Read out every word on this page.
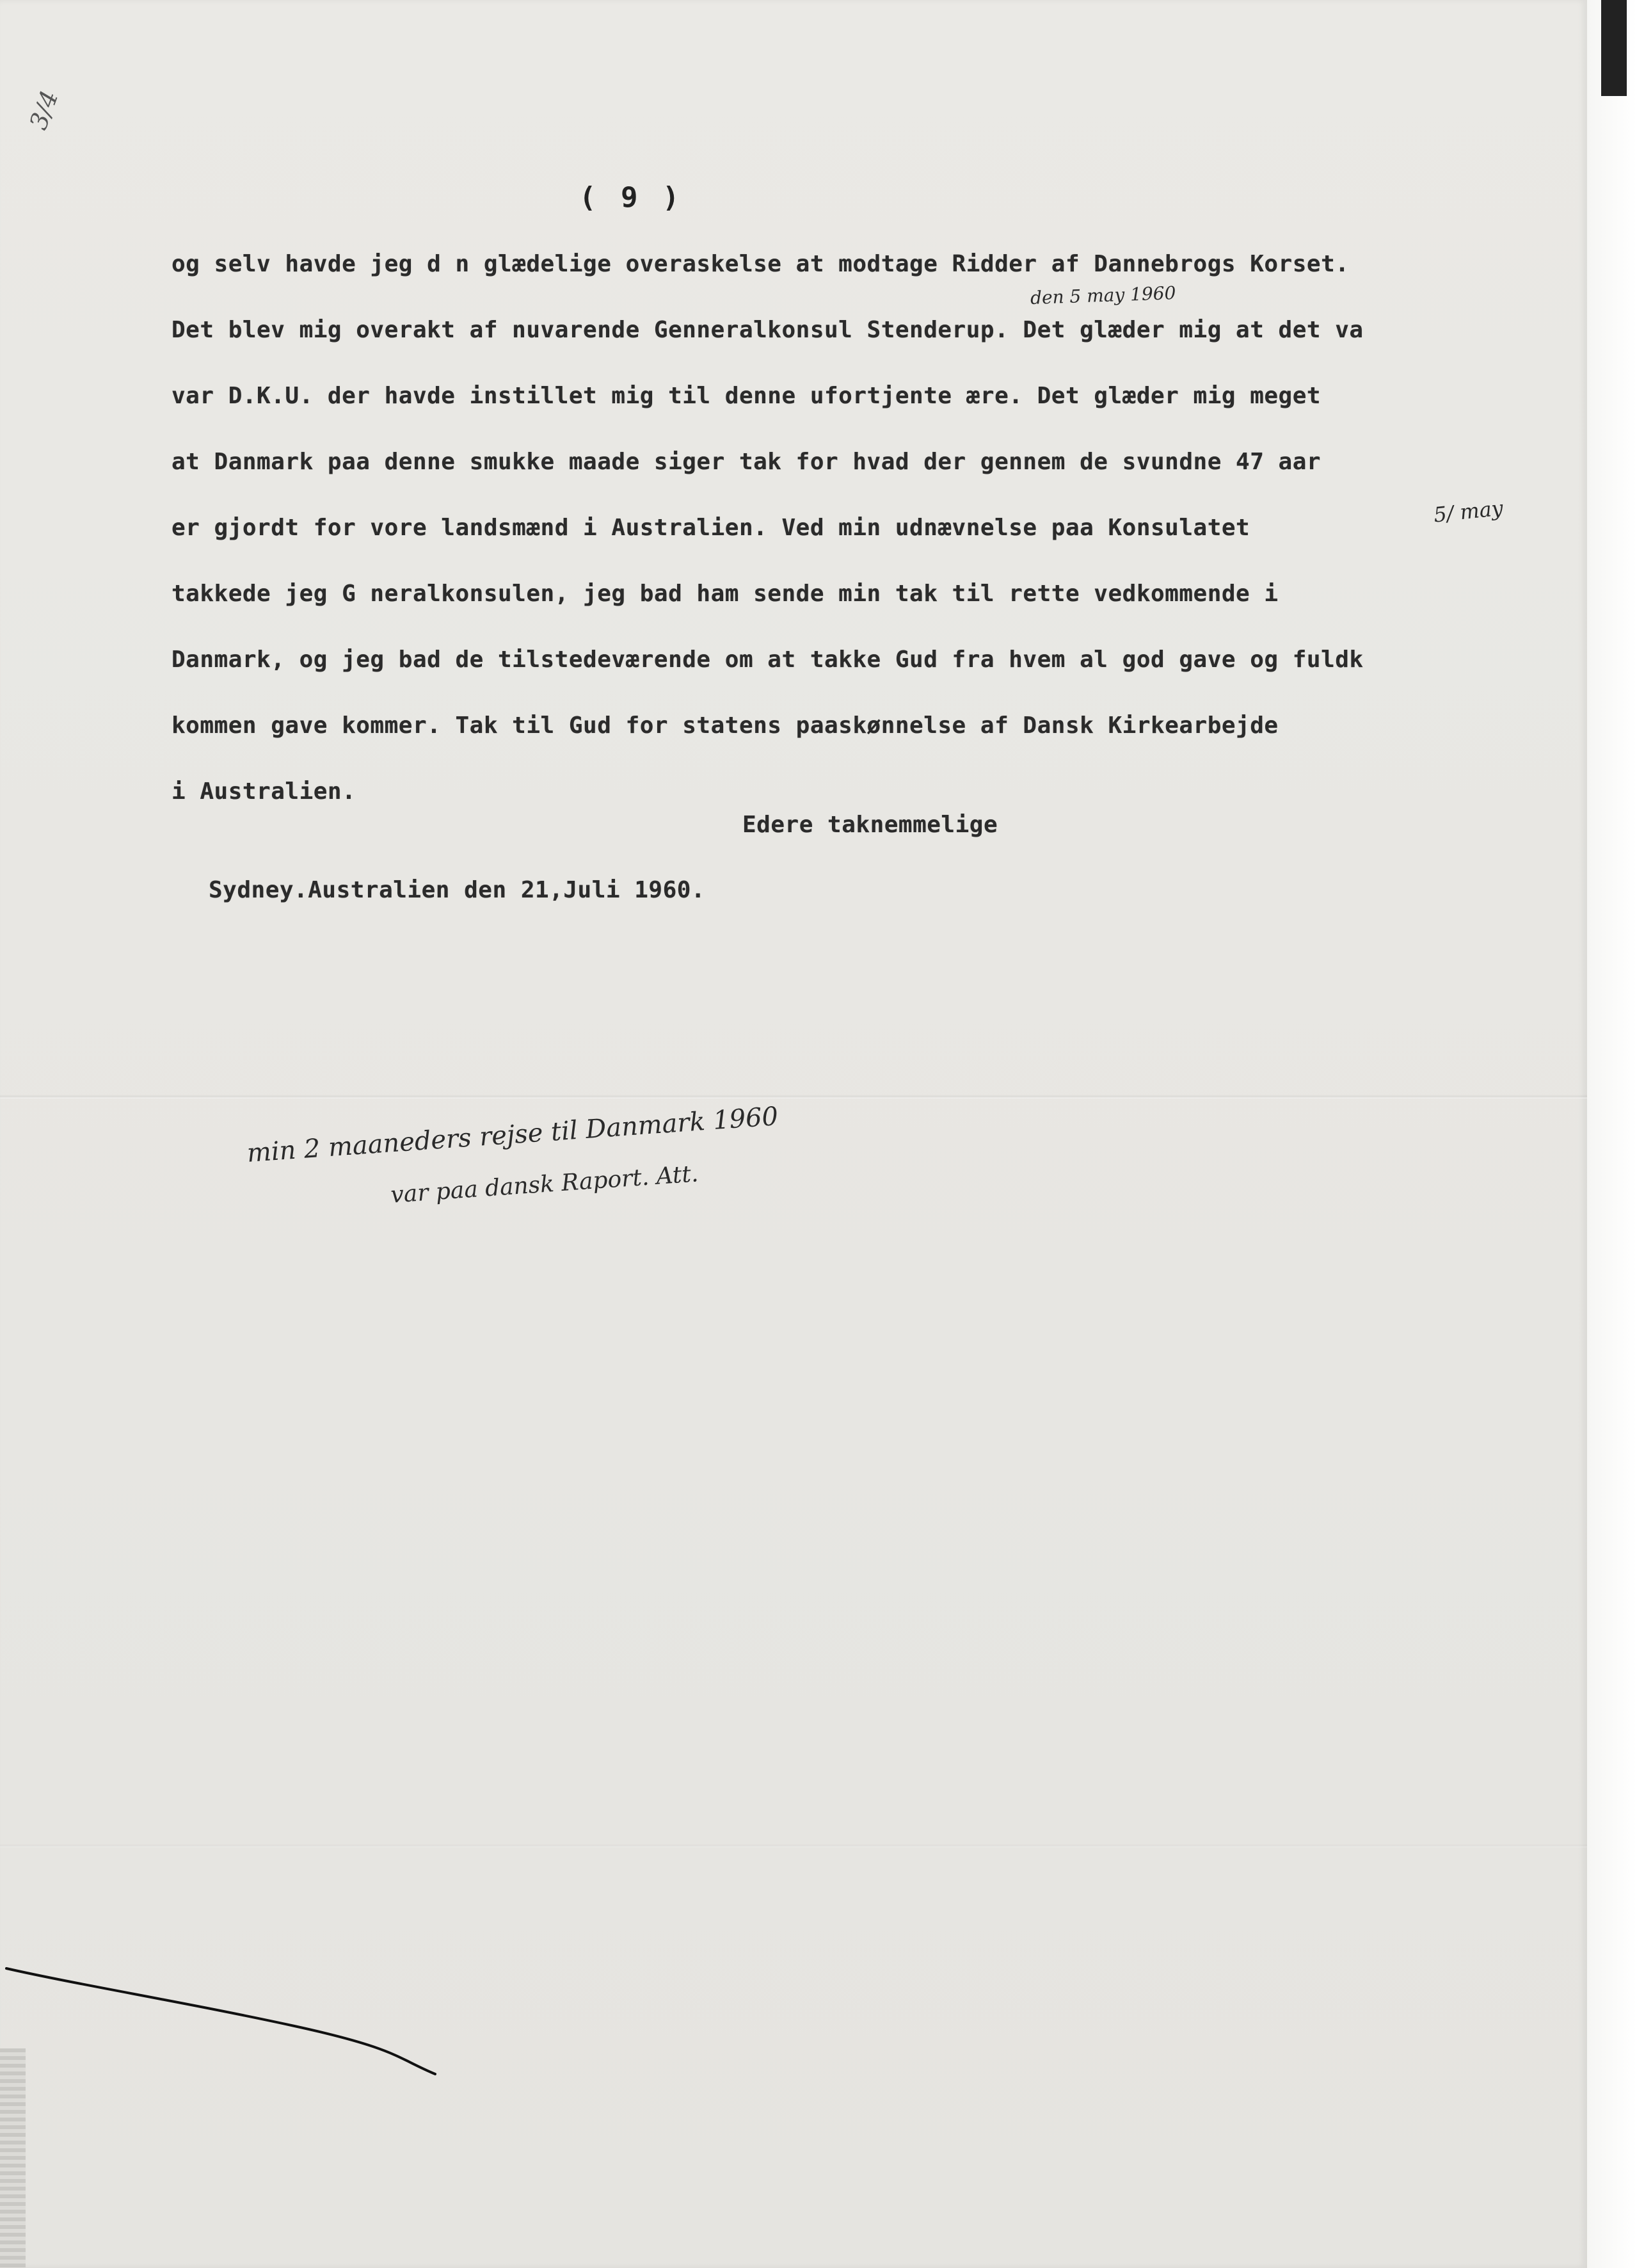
3/4
( 9 )
og selv havde jeg d n glædelige overaskelse at modtage Ridder af Dannebrogs Korset.
Det blev mig overakt af nuvarende Genneralkonsul Stenderup. Det glæder mig at det va
var D.K.U. der havde instillet mig til denne ufortjente ære. Det glæder mig meget
at Danmark paa denne smukke maade siger tak for hvad der gennem de svundne 47 aar
er gjordt for vore landsmænd i Australien. Ved min udnævnelse paa Konsulatet
takkede jeg G neralkonsulen, jeg bad ham sende min tak til rette vedkommende i
Danmark, og jeg bad de tilstedeværende om at takke Gud fra hvem al god gave og fuldk
kommen gave kommer. Tak til Gud for statens paaskønnelse af Dansk Kirkearbejde
i Australien.
Edere taknemmelige
Sydney.Australien den 21,Juli 1960.
den 5 may 1960
5/ may
min 2 maaneders rejse til Danmark 1960
var paa dansk Raport. Att.
